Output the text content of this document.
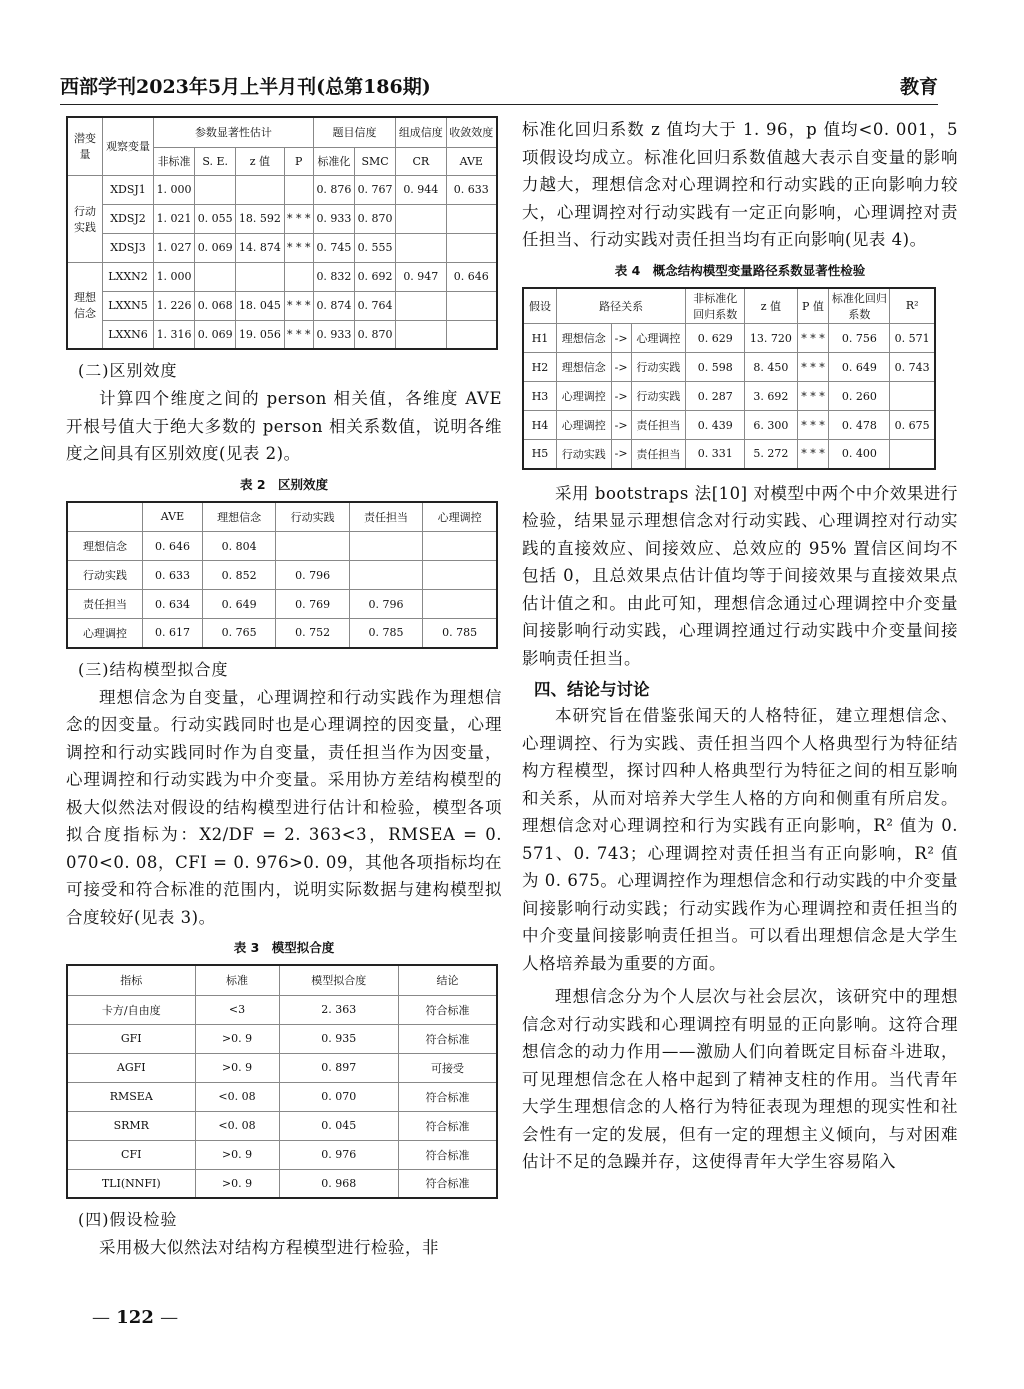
西部学刊2023年5月上半月刊(总第186期)	教育
潜变量	观察变量	参数显著性估计				题目信度		组成信度	收敛效度
		非标准	S. E.	z 值	P	标准化	SMC	CR	AVE
行动实践	XDSJ1	1. 000				0. 876	0. 767	0. 944	0. 633
	XDSJ2	1. 021	0. 055	18. 592	* * *	0. 933	0. 870		
	XDSJ3	1. 027	0. 069	14. 874	* * *	0. 745	0. 555		
理想信念	LXXN2	1. 000				0. 832	0. 692	0. 947	0. 646
	LXXN5	1. 226	0. 068	18. 045	* * *	0. 874	0. 764		
	LXXN6	1. 316	0. 069	19. 056	* * *	0. 933	0. 870		
(二)区别效度

计算四个维度之间的 person 相关值，各维度 AVE 开根号值大于绝大多数的 person 相关系数值，说明各维度之间具有区别效度(见表 2)。

表 2　区别效度
	AVE	理想信念	行动实践	责任担当	心理调控
理想信念	0. 646	0. 804			
行动实践	0. 633	0. 852	0. 796		
责任担当	0. 634	0. 649	0. 769	0. 796	
心理调控	0. 617	0. 765	0. 752	0. 785	0. 785
(三)结构模型拟合度

理想信念为自变量，心理调控和行动实践作为理想信念的因变量。行动实践同时也是心理调控的因变量，心理调控和行动实践同时作为自变量，责任担当作为因变量，心理调控和行动实践为中介变量。采用协方差结构模型的极大似然法对假设的结构模型进行估计和检验，模型各项拟合度指标为：X2/DF = 2. 363<3，RMSEA = 0. 070<0. 08，CFI = 0. 976>0. 09，其他各项指标均在可接受和符合标准的范围内，说明实际数据与建构模型拟合度较好(见表 3)。

表 3　模型拟合度
指标	标准	模型拟合度	结论
卡方/自由度	<3	2. 363	符合标准
GFI	>0. 9	0. 935	符合标准
AGFI	>0. 9	0. 897	可接受
RMSEA	<0. 08	0. 070	符合标准
SRMR	<0. 08	0. 045	符合标准
CFI	>0. 9	0. 976	符合标准
TLI(NNFI)	>0. 9	0. 968	符合标准
(四)假设检验

采用极大似然法对结构方程模型进行检验，非

标准化回归系数 z 值均大于 1. 96，p 值均<0. 001，5 项假设均成立。标准化回归系数值越大表示自变量的影响力越大，理想信念对心理调控和行动实践的正向影响力较大，心理调控对行动实践有一定正向影响，心理调控对责任担当、行动实践对责任担当均有正向影响(见表 4)。

表 4　概念结构模型变量路径系数显著性检验
假设	路径关系			非标准化回归系数	z 值	P 值	标准化回归系数	R²
H1	理想信念	->	心理调控	0. 629	13. 720	* * *	0. 756	0. 571
H2	理想信念	->	行动实践	0. 598	8. 450	* * *	0. 649	0. 743
H3	心理调控	->	行动实践	0. 287	3. 692	* * *	0. 260	
H4	心理调控	->	责任担当	0. 439	6. 300	* * *	0. 478	0. 675
H5	行动实践	->	责任担当	0. 331	5. 272	* * *	0. 400	

采用 bootstraps 法[10] 对模型中两个中介效果进行检验，结果显示理想信念对行动实践、心理调控对行动实践的直接效应、间接效应、总效应的 95% 置信区间均不包括 0，且总效果点估计值均等于间接效果与直接效果点估计值之和。由此可知，理想信念通过心理调控中介变量间接影响行动实践，心理调控通过行动实践中介变量间接影响责任担当。

四、结论与讨论

本研究旨在借鉴张闻天的人格特征，建立理想信念、心理调控、行为实践、责任担当四个人格典型行为特征结构方程模型，探讨四种人格典型行为特征之间的相互影响和关系，从而对培养大学生人格的方向和侧重有所启发。理想信念对心理调控和行为实践有正向影响，R² 值为 0. 571、0. 743；心理调控对责任担当有正向影响，R² 值为 0. 675。心理调控作为理想信念和行动实践的中介变量间接影响行动实践；行动实践作为心理调控和责任担当的中介变量间接影响责任担当。可以看出理想信念是大学生人格培养最为重要的方面。

理想信念分为个人层次与社会层次，该研究中的理想信念对行动实践和心理调控有明显的正向影响。这符合理想信念的动力作用——激励人们向着既定目标奋斗进取，可见理想信念在人格中起到了精神支柱的作用。当代青年大学生理想信念的人格行为特征表现为理想的现实性和社会性有一定的发展，但有一定的理想主义倾向，与对困难估计不足的急躁并存，这使得青年大学生容易陷入

— 122 —
